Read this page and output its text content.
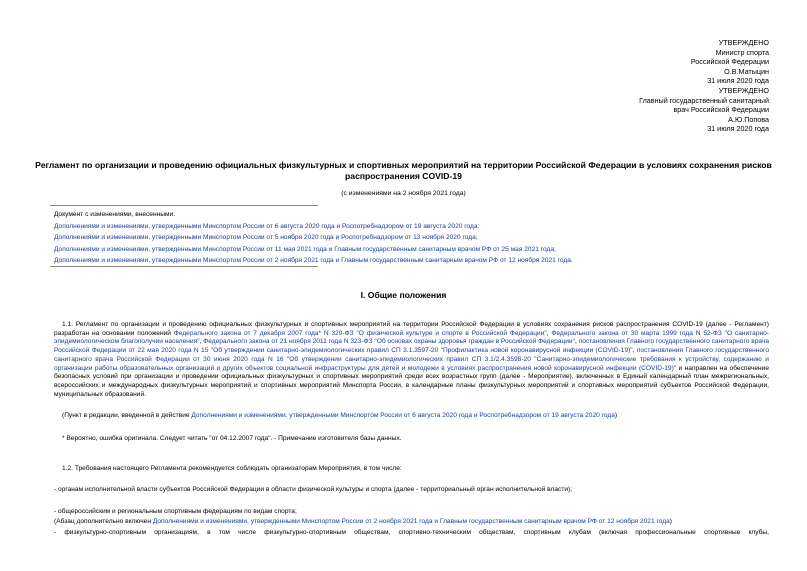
УТВЕРЖДЕНО
Министр спорта
Российской Федерации
О.В.Матыцин
31 июля 2020 года
УТВЕРЖДЕНО
Главный государственный санитарный
врач Российской Федерации
А.Ю.Попова
31 июля 2020 года
Регламент по организации и проведению официальных физкультурных и спортивных мероприятий на территории Российской Федерации в условиях сохранения рисков распространения COVID-19
(с изменениями на 2 ноября 2021 года)
Документ с изменениями, внесенными:
Дополнениями и изменениями, утвержденными Минспортом России от 6 августа 2020 года и Роспотребнадзором от 19 августа 2020 года;
Дополнениями и изменениями, утвержденными Минспортом России от 5 ноября 2020 года и Роспотребнадзором от 13 ноября 2020 года;
Дополнениями и изменениями, утвержденными Минспортом России от 11 мая 2021 года и Главным государственным санитарным врачом РФ от 25 мая 2021 года;
Дополнениями и изменениями, утвержденными Минспортом России от 2 ноября 2021 года и Главным государственным санитарным врачом РФ от 12 ноября 2021 года.
I. Общие положения
1.1. Регламент по организации и проведению официальных физкультурных и спортивных мероприятий на территории Российской Федерации в условиях сохранения рисков распространения COVID-19 (далее - Регламент) разработан на основании положений Федерального закона от 7 декабря 2007 года* N 329-ФЗ "О физической культуре и спорте в Российской Федерации", Федерального закона от 30 марта 1999 года N 52-ФЗ "О санитарно-эпидемиологическом благополучии населения", Федерального закона от 21 ноября 2011 года N 323-ФЗ "Об основах охраны здоровья граждан в Российской Федерации", постановления Главного государственного санитарного врача Российской Федерации от 22 мая 2020 года N 15 "Об утверждении санитарно-эпидемиологических правил СП 3.1.3597-20 "Профилактика новой коронавирусной инфекции (COVID-19)", постановления Главного государственного санитарного врача Российской Федерации от 30 июня 2020 года N 16 "Об утверждении санитарно-эпидемиологических правил СП 3.1/2.4.3598-20 "Санитарно-эпидемиологические требования к устройству, содержанию и организации работы образовательных организаций и других объектов социальной инфраструктуры для детей и молодежи в условиях распространения новой коронавирусной инфекции (COVID-19)" и направлен на обеспечение безопасных условий при организации и проведении официальных физкультурных и спортивных мероприятий среди всех возрастных групп (далее - Мероприятие), включенных в Единый календарный план межрегиональных, всероссийских и международных физкультурных мероприятий и спортивных мероприятий Минспорта России, в календарные планы физкультурных мероприятий и спортивных мероприятий субъектов Российской Федерации, муниципальных образований.
(Пункт в редакции, введенной в действие Дополнениями и изменениями, утвержденными Минспортом России от 6 августа 2020 года и Роспотребнадзором от 19 августа 2020 года)
* Вероятно, ошибка оригинала. Следует читать "от 04.12.2007 года". - Примечание изготовителя базы данных.
1.2. Требования настоящего Регламента рекомендуется соблюдать организаторам Мероприятия, в том числе:
- органам исполнительной власти субъектов Российской Федерации в области физической культуры и спорта (далее - территориальный орган исполнительной власти);
- общероссийским и региональным спортивным федерациям по видам спорта;
(Абзац дополнительно включен Дополнениями и изменениями, утвержденными Минспортом России от 2 ноября 2021 года и Главным государственным санитарным врачом РФ от 12 ноября 2021 года)
- физкультурно-спортивным организациям, в том числе физкультурно-спортивным обществам, спортивно-техническим обществам, спортивным клубам (включая профессиональные спортивные клубы,
